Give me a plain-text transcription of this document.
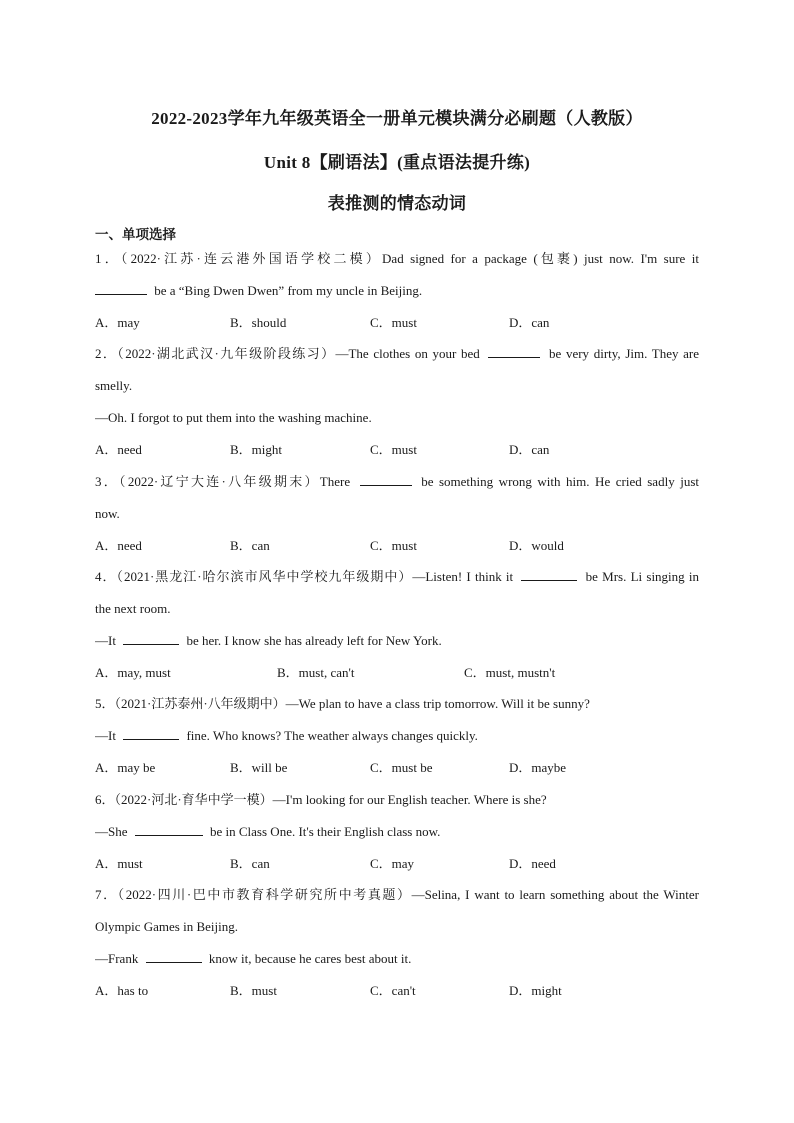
2022-2023学年九年级英语全一册单元模块满分必刷题（人教版）
Unit 8【刷语法】(重点语法提升练)
表推测的情态动词
一、单项选择
1．（2022·江苏·连云港外国语学校二模）Dad signed for a package (包裹) just now. I'm sure it
be a “Bing Dwen Dwen” from my uncle in Beijing.
A．may	B．should	C．must	D．can
2．（2022·湖北武汉·九年级阶段练习）—The clothes on your bed	be very dirty, Jim. They are
smelly.
—Oh. I forgot to put them into the washing machine.
A．need	B．might	C．must	D．can
3．（2022·辽宁大连·八年级期末）There	be something wrong with him. He cried sadly just
now.
A．need	B．can	C．must	D．would
4．（2021·黑龙江·哈尔滨市风华中学校九年级期中）—Listen! I think it	be Mrs. Li singing in
the next room.
—It	be her. I know she has already left for New York.
A．may, must	B．must, can't	C．must, mustn't
5．（2021·江苏泰州·八年级期中）—We plan to have a class trip tomorrow. Will it be sunny?
—It	fine. Who knows? The weather always changes quickly.
A．may be	B．will be	C．must be	D．maybe
6．（2022·河北·育华中学一模）—I'm looking for our English teacher. Where is she?
—She	be in Class One. It's their English class now.
A．must	B．can	C．may	D．need
7．（2022·四川·巴中市教育科学研究所中考真题）—Selina, I want to learn something about the Winter
Olympic Games in Beijing.
—Frank	know it, because he cares best about it.
A．has to	B．must	C．can't	D．might
